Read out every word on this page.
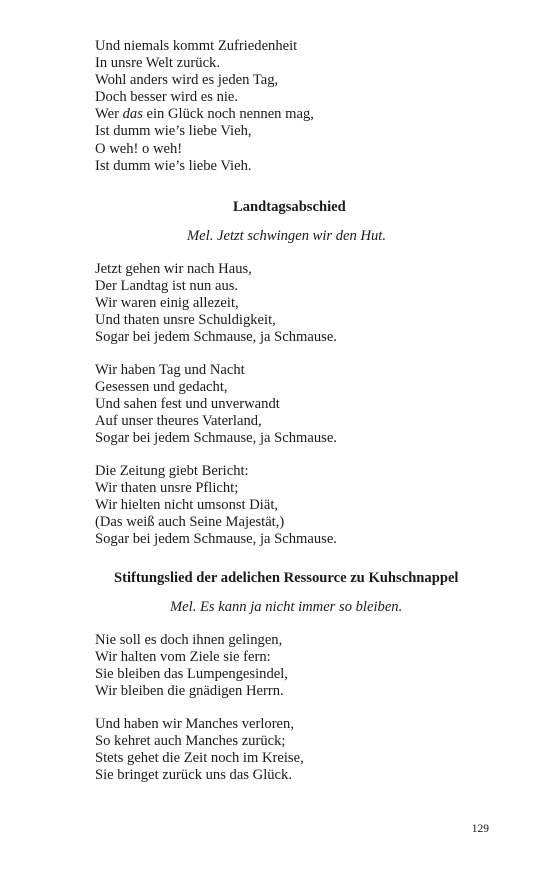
Und niemals kommt Zufriedenheit
In unsre Welt zurück.
Wohl anders wird es jeden Tag,
Doch besser wird es nie.
Wer das ein Glück noch nennen mag,
Ist dumm wie’s liebe Vieh,
O weh! o weh!
Ist dumm wie’s liebe Vieh.
Landtagsabschied
Mel. Jetzt schwingen wir den Hut.
Jetzt gehen wir nach Haus,
Der Landtag ist nun aus.
Wir waren einig allezeit,
Und thaten unsre Schuldigkeit,
Sogar bei jedem Schmause, ja Schmause.
Wir haben Tag und Nacht
Gesessen und gedacht,
Und sahen fest und unverwandt
Auf unser theures Vaterland,
Sogar bei jedem Schmause, ja Schmause.
Die Zeitung giebt Bericht:
Wir thaten unsre Pflicht;
Wir hielten nicht umsonst Diät,
(Das weiß auch Seine Majestät,)
Sogar bei jedem Schmause, ja Schmause.
Stiftungslied der adelichen Ressource zu Kuhschnappel
Mel. Es kann ja nicht immer so bleiben.
Nie soll es doch ihnen gelingen,
Wir halten vom Ziele sie fern:
Sie bleiben das Lumpengesindel,
Wir bleiben die gnädigen Herrn.
Und haben wir Manches verloren,
So kehret auch Manches zurück;
Stets gehet die Zeit noch im Kreise,
Sie bringet zurück uns das Glück.
129
